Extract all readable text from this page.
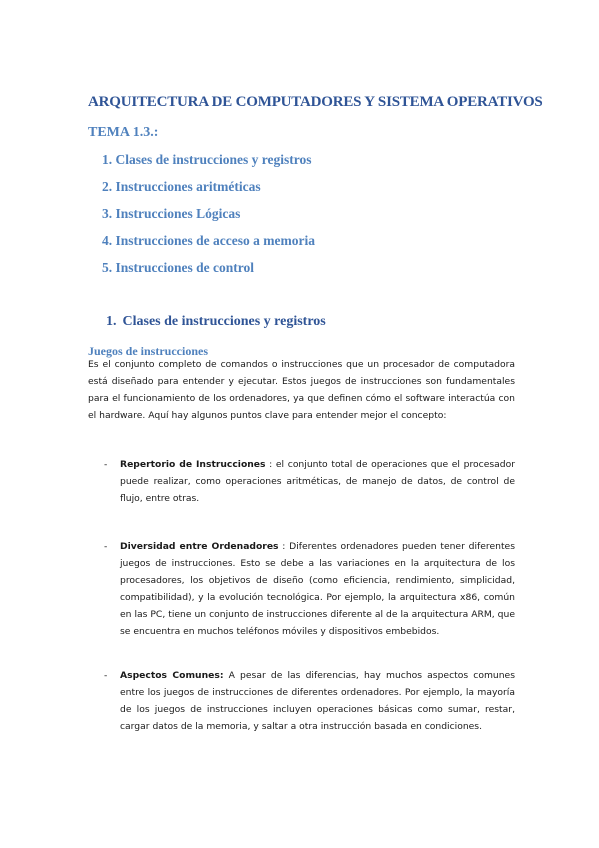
ARQUITECTURA DE COMPUTADORES Y SISTEMA OPERATIVOS
TEMA 1.3.:
1. Clases de instrucciones y registros
2. Instrucciones aritméticas
3. Instrucciones Lógicas
4. Instrucciones de acceso a memoria
5. Instrucciones de control
1. Clases de instrucciones y registros
Juegos de instrucciones

Es el conjunto completo de comandos o instrucciones que un procesador de computadora está diseñado para entender y ejecutar. Estos juegos de instrucciones son fundamentales para el funcionamiento de los ordenadores, ya que definen cómo el software interactúa con el hardware. Aquí hay algunos puntos clave para entender mejor el concepto:

- Repertorio de Instrucciones : el conjunto total de operaciones que el procesador puede realizar, como operaciones aritméticas, de manejo de datos, de control de flujo, entre otras.

- Diversidad entre Ordenadores : Diferentes ordenadores pueden tener diferentes juegos de instrucciones. Esto se debe a las variaciones en la arquitectura de los procesadores, los objetivos de diseño (como eficiencia, rendimiento, simplicidad, compatibilidad), y la evolución tecnológica. Por ejemplo, la arquitectura x86, común en las PC, tiene un conjunto de instrucciones diferente al de la arquitectura ARM, que se encuentra en muchos teléfonos móviles y dispositivos embebidos.

- Aspectos Comunes: A pesar de las diferencias, hay muchos aspectos comunes entre los juegos de instrucciones de diferentes ordenadores. Por ejemplo, la mayoría de los juegos de instrucciones incluyen operaciones básicas como sumar, restar, cargar datos de la memoria, y saltar a otra instrucción basada en condiciones.
